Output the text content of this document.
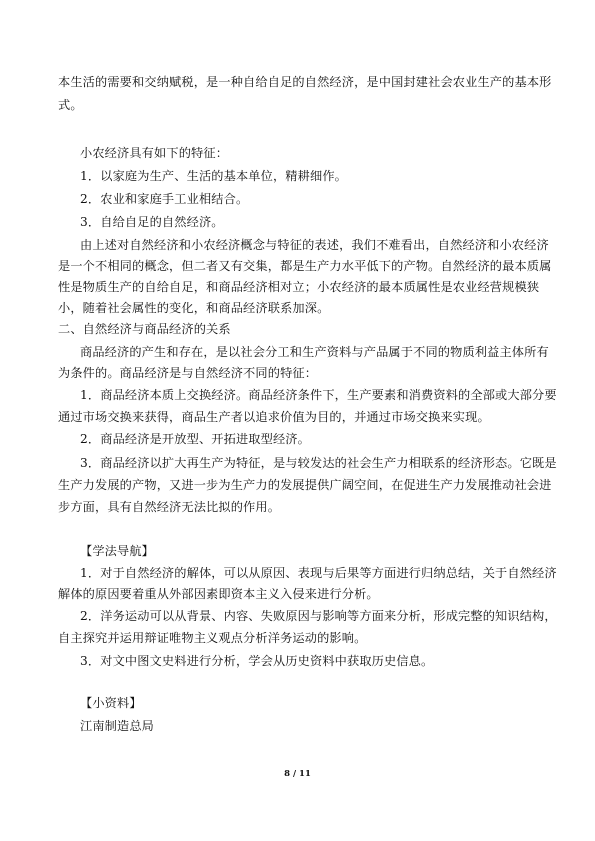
本生活的需要和交纳赋税，是一种自给自足的自然经济，是中国封建社会农业生产的基本形
式。
小农经济具有如下的特征：
1．以家庭为生产、生活的基本单位，精耕细作。
2．农业和家庭手工业相结合。
3．自给自足的自然经济。
由上述对自然经济和小农经济概念与特征的表述，我们不难看出，自然经济和小农经济
是一个不相同的概念，但二者又有交集，都是生产力水平低下的产物。自然经济的最本质属
性是物质生产的自给自足，和商品经济相对立；小农经济的最本质属性是农业经营规模狭
小，随着社会属性的变化，和商品经济联系加深。
二、自然经济与商品经济的关系
商品经济的产生和存在，是以社会分工和生产资料与产品属于不同的物质利益主体所有
为条件的。商品经济是与自然经济不同的特征：
1．商品经济本质上交换经济。商品经济条件下，生产要素和消费资料的全部或大部分要
通过市场交换来获得，商品生产者以追求价值为目的，并通过市场交换来实现。
2．商品经济是开放型、开拓进取型经济。
3．商品经济以扩大再生产为特征，是与较发达的社会生产力相联系的经济形态。它既是
生产力发展的产物，又进一步为生产力的发展提供广阔空间，在促进生产力发展推动社会进
步方面，具有自然经济无法比拟的作用。
【学法导航】
1．对于自然经济的解体，可以从原因、表现与后果等方面进行归纳总结，关于自然经济
解体的原因要着重从外部因素即资本主义入侵来进行分析。
2．洋务运动可以从背景、内容、失败原因与影响等方面来分析，形成完整的知识结构，
自主探究并运用辩证唯物主义观点分析洋务运动的影响。
3．对文中图文史料进行分析，学会从历史资料中获取历史信息。
【小资料】
江南制造总局
8 / 11
